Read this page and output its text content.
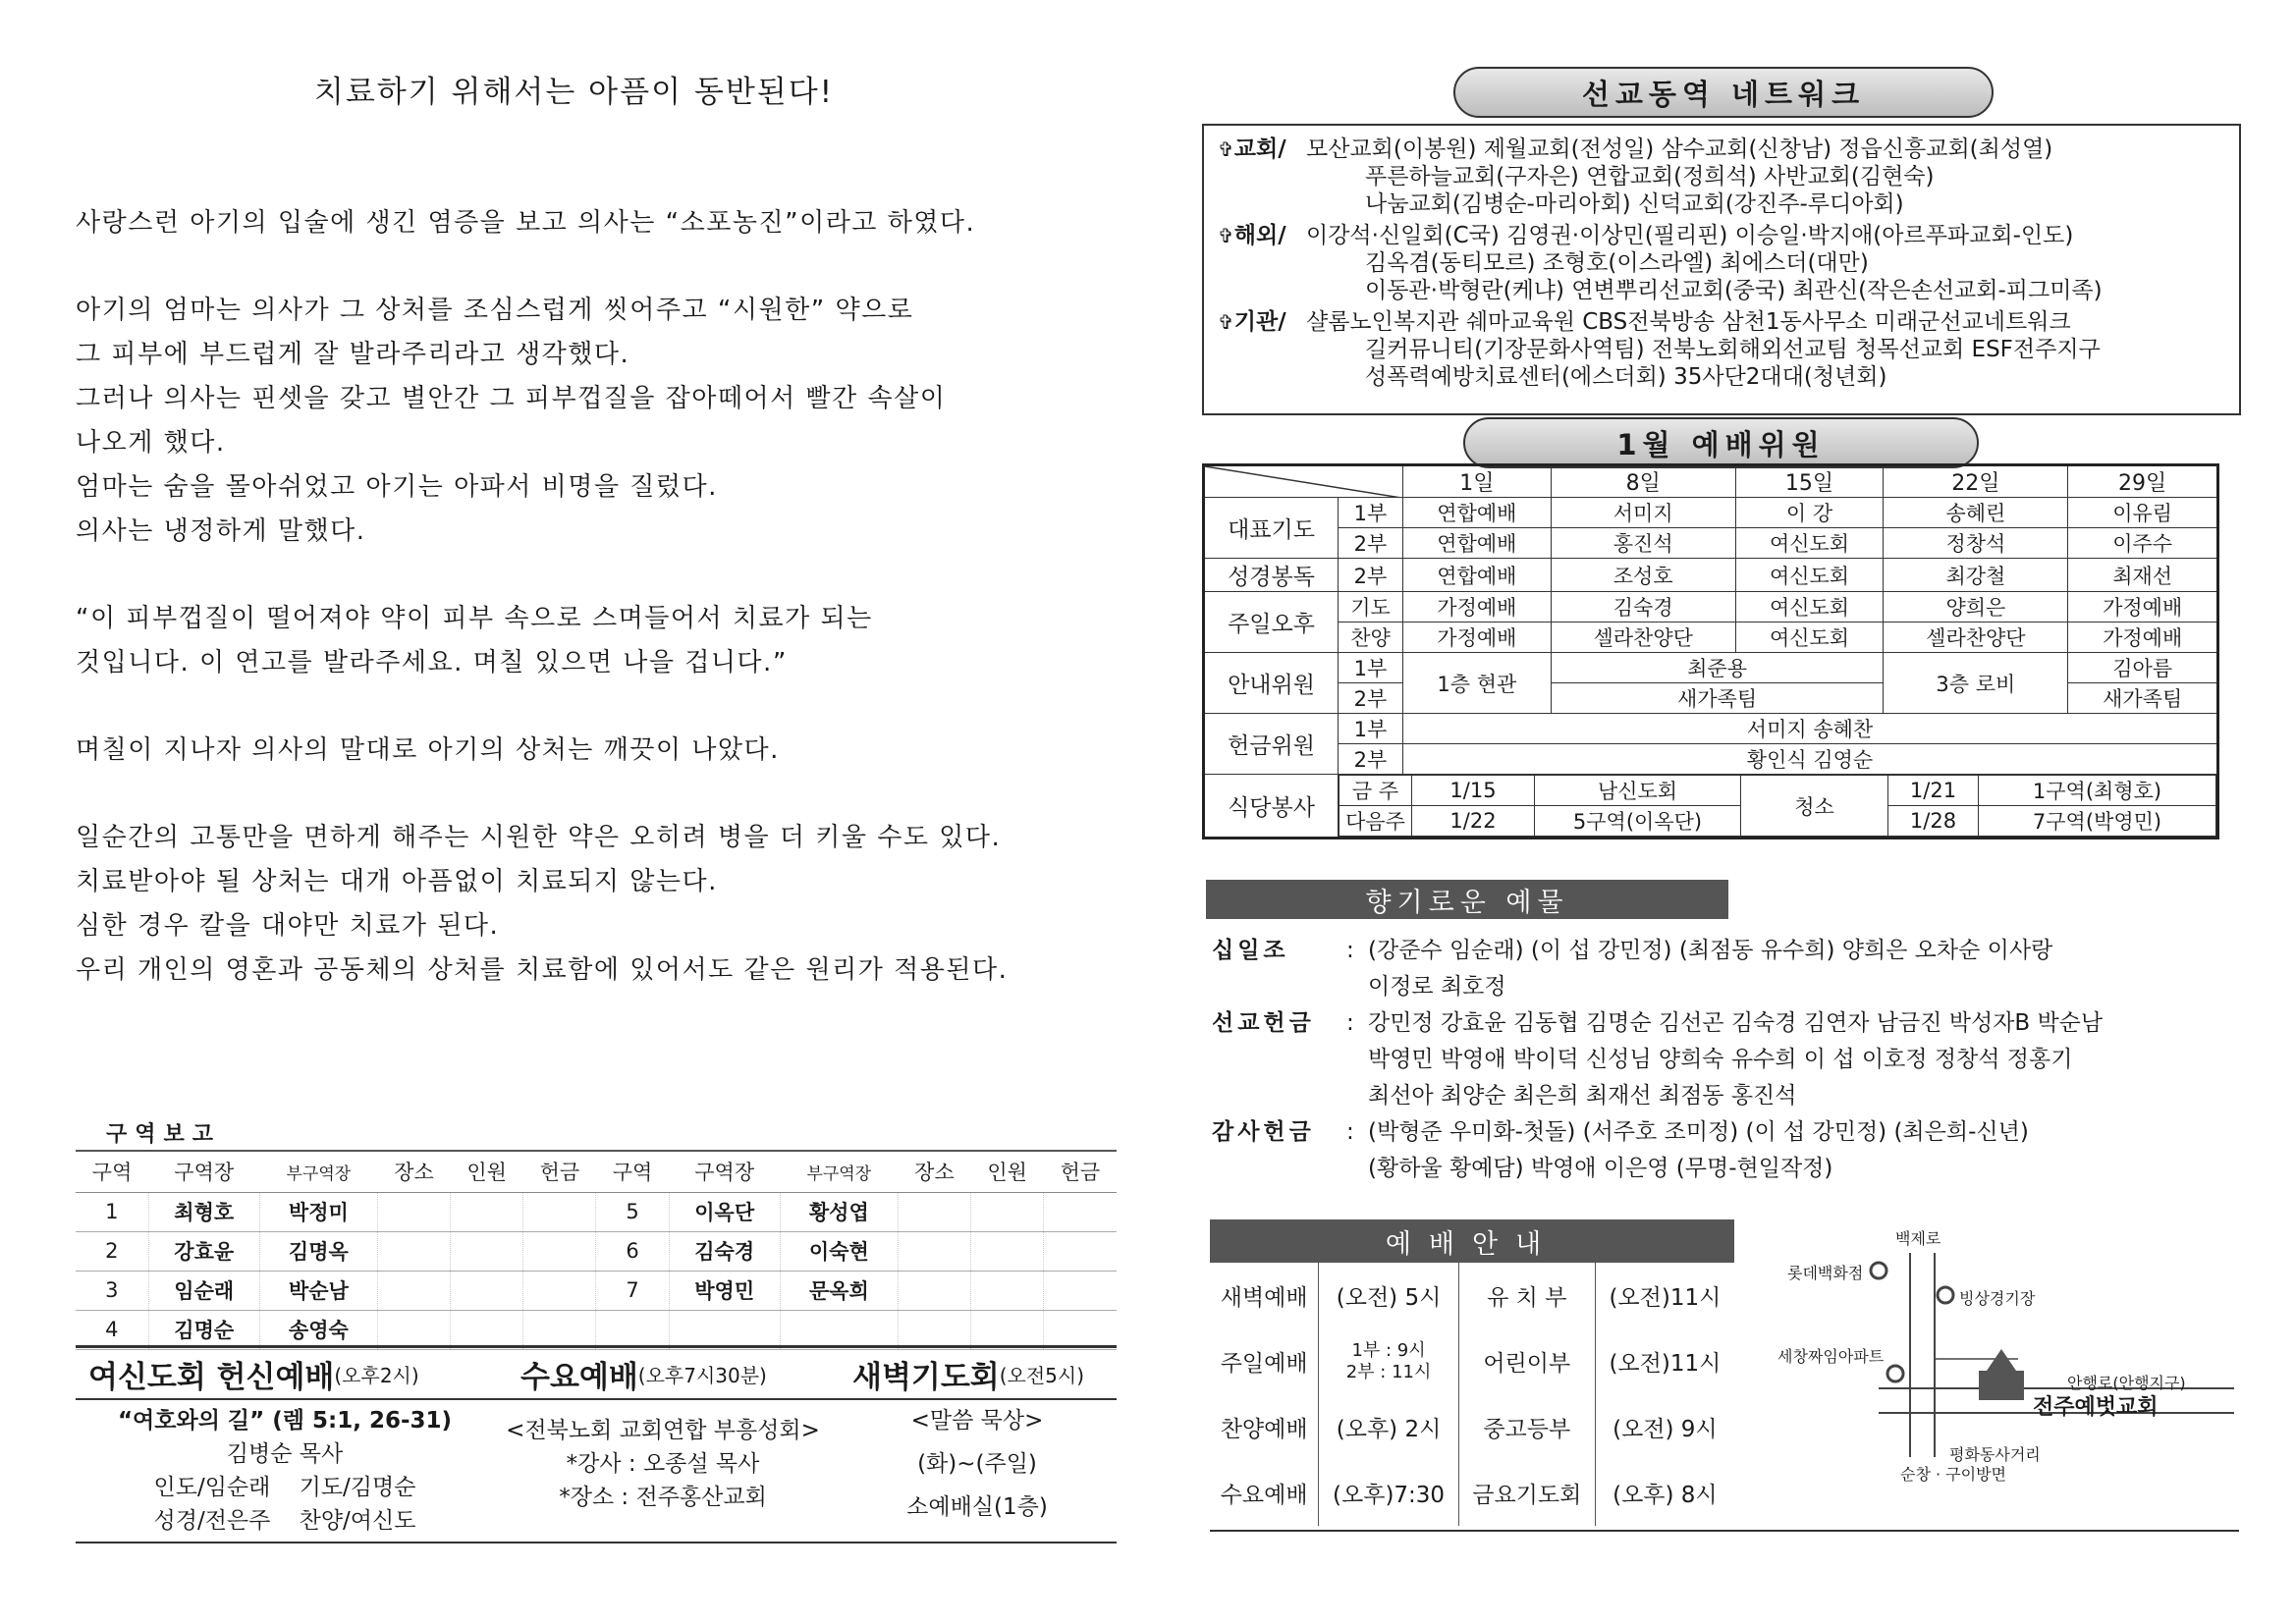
치료하기 위해서는 아픔이 동반된다!

사랑스런 아기의 입술에 생긴 염증을 보고 의사는 “소포농진”이라고 하였다.

아기의 엄마는 의사가 그 상처를 조심스럽게 씻어주고 “시원한” 약으로

그 피부에 부드럽게 잘 발라주리라고 생각했다.

그러나 의사는 핀셋을 갖고 별안간 그 피부껍질을 잡아떼어서 빨간 속살이

나오게 했다.

엄마는 숨을 몰아쉬었고 아기는 아파서 비명을 질렀다.

의사는 냉정하게 말했다.

“이 피부껍질이 떨어져야 약이 피부 속으로 스며들어서 치료가 되는

것입니다. 이 연고를 발라주세요. 며칠 있으면 나을 겁니다.”

며칠이 지나자 의사의 말대로 아기의 상처는 깨끗이 나았다.

일순간의 고통만을 면하게 해주는 시원한 약은 오히려 병을 더 키울 수도 있다.

치료받아야 될 상처는 대개 아픔없이 치료되지 않는다.

심한 경우 칼을 대야만 치료가 된다.

우리 개인의 영혼과 공동체의 상처를 치료함에 있어서도 같은 원리가 적용된다.

구역보고
구역	구역장	부구역장	장소	인원	헌금	구역	구역장	부구역장	장소	인원	헌금
1	최형호	박정미				5	이옥단	황성엽			
2	강효윤	김명옥				6	김숙경	이숙현			
3	임순래	박순남				7	박영민	문옥희			
4	김명순	송영숙									
여신도회 헌신예배 (오후2시)	수요예배 (오후7시30분)	새벽기도회 (오전5시)
“여호와의 길” (렘 5:1, 26-31)
김병순 목사
인도/임순래    기도/김명순
성경/전은주    찬양/여신도
<전북노회 교회연합 부흥성회>
*강사 : 오종설 목사
*장소 : 전주홍산교회
<말씀 묵상>
(화)~(주일)
소예배실(1층)
선교동역 네트워크
✞교회/ 모산교회(이봉원) 제월교회(전성일) 삼수교회(신창남) 정읍신흥교회(최성열)
푸른하늘교회(구자은) 연합교회(정희석) 사반교회(김현숙)
나눔교회(김병순-마리아회) 신덕교회(강진주-루디아회)
✞해외/ 이강석·신일회(C국) 김영권·이상민(필리핀) 이승일·박지애(아르푸파교회-인도)
김옥겸(동티모르) 조형호(이스라엘) 최에스더(대만)
이동관·박형란(케냐) 연변뿌리선교회(중국) 최관신(작은손선교회-피그미족)
✞기관/ 샬롬노인복지관 쉐마교육원 CBS전북방송 삼천1동사무소 미래군선교네트워크
길커뮤니티(기장문화사역팀) 전북노회해외선교팀 청목선교회 ESF전주지구
성폭력예방치료센터(에스더회) 35사단2대대(청년회)
1월 예배위원
	1일	8일	15일	22일	29일
대표기도	1부	연합예배	서미지	이 강	송혜린	이유림
2부	연합예배	홍진석	여신도회	정창석	이주수
성경봉독	2부	연합예배	조성호	여신도회	최강철	최재선
주일오후	기도	가정예배	김숙경	여신도회	양희은	가정예배
찬양	가정예배	셀라찬양단	여신도회	셀라찬양단	가정예배
안내위원	1부	1층 현관	최준용	3층 로비	김아름
2부	새가족팀	새가족팀
헌금위원	1부	서미지 송혜찬
2부	황인식 김영순
식당봉사	
금 주	1/15	남신도회	청소	1/21	1구역(최형호)
다음주	1/22	5구역(이옥단)	1/28	7구역(박영민)
향기로운 예물
십일조	: (강준수 임순래) (이 섭 강민정) (최점동 유수희) 양희은 오차순 이사랑
이정로 최호정
선교헌금	: 강민정 강효윤 김동협 김명순 김선곤 김숙경 김연자 남금진 박성자B 박순남
박영민 박영애 박이덕 신성님 양희숙 유수희 이 섭 이호정 정창석 정홍기
최선아 최양순 최은희 최재선 최점동 홍진석
감사헌금	: (박형준 우미화-첫돌) (서주호 조미정) (이 섭 강민정) (최은희-신년)
(황하울 황예담) 박영애 이은영 (무명-현일작정)
예배안내
새벽예배	(오전) 5시	유 치 부	(오전)11시
주일예배	1부 : 9시
2부 : 11시	어린이부	(오전)11시
찬양예배	(오후) 2시	중고등부	(오전) 9시
수요예배	(오후)7:30	금요기도회	(오후) 8시
백제로
롯데백화점
빙상경기장
세창짜임아파트
안행로(안행지구)
전주예벗교회
평화동사거리
순창 · 구이방면
